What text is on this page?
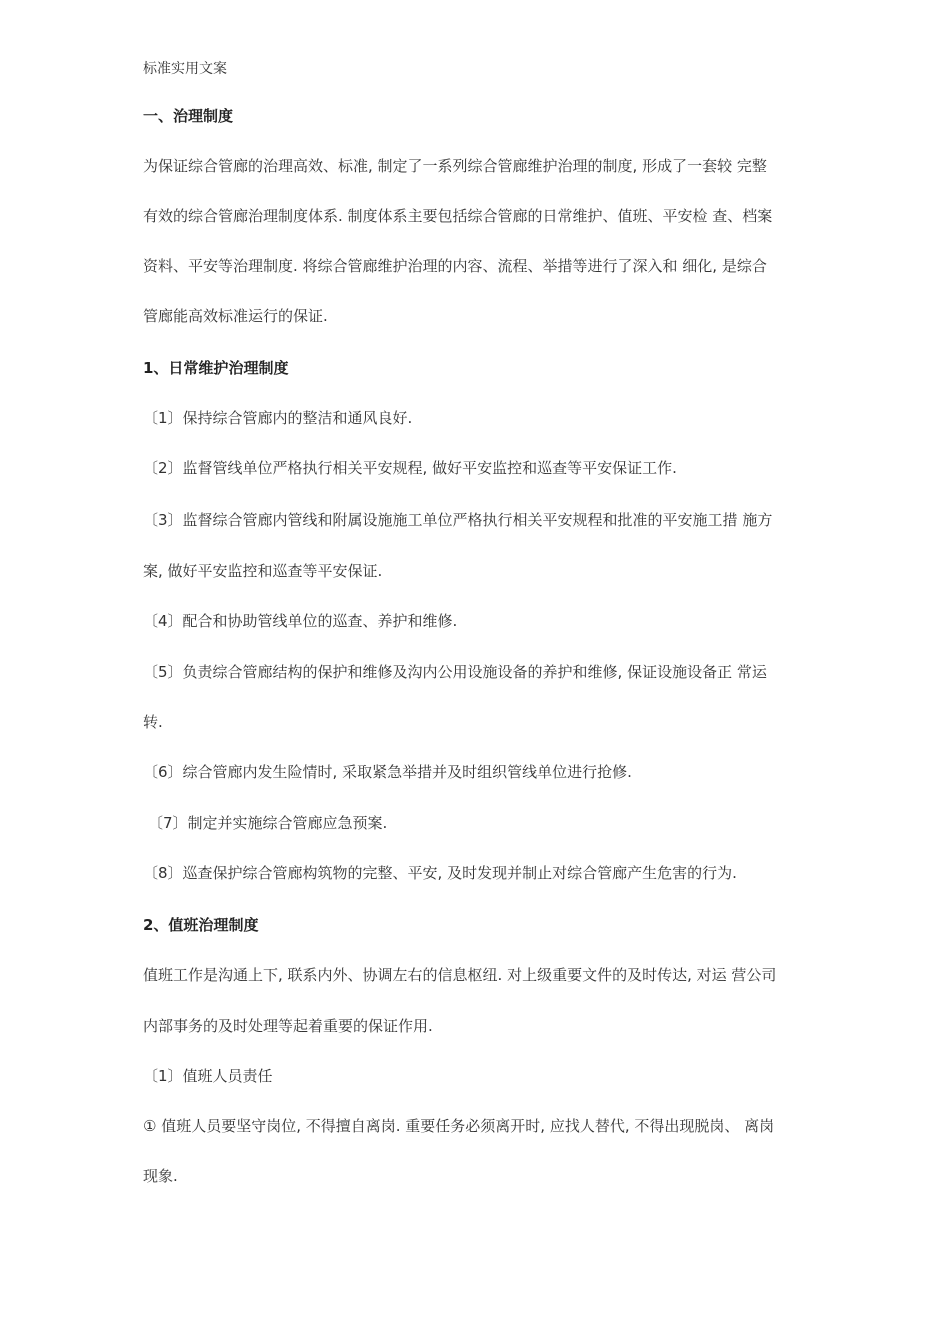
标准实用文案
一、治理制度
为保证综合管廊的治理高效、标准, 制定了一系列综合管廊维护治理的制度, 形成了一套较 完整
有效的综合管廊治理制度体系. 制度体系主要包括综合管廊的日常维护、值班、平安检 查、档案
资料、平安等治理制度. 将综合管廊维护治理的内容、流程、举措等进行了深入和 细化, 是综合
管廊能高效标准运行的保证.
1、日常维护治理制度
〔1〕保持综合管廊内的整洁和通风良好.
〔2〕监督管线单位严格执行相关平安规程, 做好平安监控和巡查等平安保证工作.
〔3〕监督综合管廊内管线和附属设施施工单位严格执行相关平安规程和批准的平安施工措 施方
案, 做好平安监控和巡查等平安保证.
〔4〕配合和协助管线单位的巡查、养护和维修.
〔5〕负责综合管廊结构的保护和维修及沟内公用设施设备的养护和维修, 保证设施设备正 常运
转.
〔6〕综合管廊内发生险情时, 采取紧急举措并及时组织管线单位进行抢修.
〔7〕制定并实施综合管廊应急预案.
〔8〕巡查保护综合管廊构筑物的完整、平安, 及时发现并制止对综合管廊产生危害的行为.
2、值班治理制度
值班工作是沟通上下, 联系内外、协调左右的信息枢纽. 对上级重要文件的及时传达, 对运 营公司
内部事务的及时处理等起着重要的保证作用.
〔1〕值班人员责任
① 值班人员要坚守岗位, 不得擅自离岗. 重要任务必须离开时, 应找人替代, 不得出现脱岗、 离岗
现象.
